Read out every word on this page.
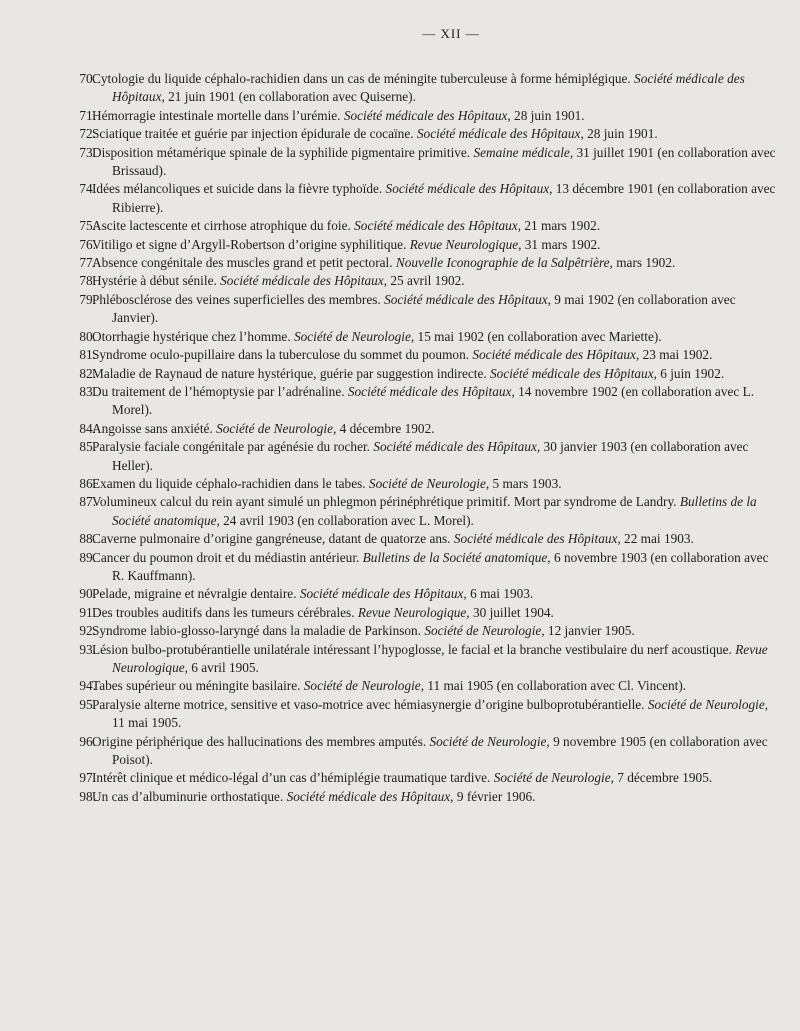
— XII —
70.
Cytologie du liquide céphalo-rachidien dans un cas de méningite tuberculeuse à forme hémiplégique. Société médicale des Hôpitaux, 21 juin 1901 (en collaboration avec Quiserne).
71.
Hémorragie intestinale mortelle dans l’urémie. Société médicale des Hôpitaux, 28 juin 1901.
72.
Sciatique traitée et guérie par injection épidurale de cocaïne. Société médicale des Hôpitaux, 28 juin 1901.
73.
Disposition métamérique spinale de la syphilide pigmentaire primitive. Semaine médicale, 31 juillet 1901 (en collaboration avec Brissaud).
74.
Idées mélancoliques et suicide dans la fièvre typhoïde. Société médicale des Hôpitaux, 13 décembre 1901 (en collaboration avec Ribierre).
75.
Ascite lactescente et cirrhose atrophique du foie. Société médicale des Hôpitaux, 21 mars 1902.
76.
Vitiligo et signe d’Argyll-Robertson d’origine syphilitique. Revue Neurologique, 31 mars 1902.
77.
Absence congénitale des muscles grand et petit pectoral. Nouvelle Iconographie de la Salpêtrière, mars 1902.
78.
Hystérie à début sénile. Société médicale des Hôpitaux, 25 avril 1902.
79.
Phlébosclérose des veines superficielles des membres. Société médicale des Hôpitaux, 9 mai 1902 (en collaboration avec Janvier).
80.
Otorrhagie hystérique chez l’homme. Société de Neurologie, 15 mai 1902 (en collaboration avec Mariette).
81.
Syndrome oculo-pupillaire dans la tuberculose du sommet du poumon. Société médicale des Hôpitaux, 23 mai 1902.
82.
Maladie de Raynaud de nature hystérique, guérie par suggestion indirecte. Société médicale des Hôpitaux, 6 juin 1902.
83.
Du traitement de l’hémoptysie par l’adrénaline. Société médicale des Hôpitaux, 14 novembre 1902 (en collaboration avec L. Morel).
84.
Angoisse sans anxiété. Société de Neurologie, 4 décembre 1902.
85.
Paralysie faciale congénitale par agénésie du rocher. Société médicale des Hôpitaux, 30 janvier 1903 (en collaboration avec Heller).
86.
Examen du liquide céphalo-rachidien dans le tabes. Société de Neurologie, 5 mars 1903.
87.
Volumineux calcul du rein ayant simulé un phlegmon périnéphrétique primitif. Mort par syndrome de Landry. Bulletins de la Société anatomique, 24 avril 1903 (en collaboration avec L. Morel).
88.
Caverne pulmonaire d’origine gangréneuse, datant de quatorze ans. Société médicale des Hôpitaux, 22 mai 1903.
89.
Cancer du poumon droit et du médiastin antérieur. Bulletins de la Société anatomique, 6 novembre 1903 (en collaboration avec R. Kauffmann).
90.
Pelade, migraine et névralgie dentaire. Société médicale des Hôpitaux, 6 mai 1903.
91.
Des troubles auditifs dans les tumeurs cérébrales. Revue Neurologique, 30 juillet 1904.
92.
Syndrome labio-glosso-laryngé dans la maladie de Parkinson. Société de Neurologie, 12 janvier 1905.
93.
Lésion bulbo-protubérantielle unilatérale intéressant l’hypoglosse, le facial et la branche vestibulaire du nerf acoustique. Revue Neurologique, 6 avril 1905.
94.
Tabes supérieur ou méningite basilaire. Société de Neurologie, 11 mai 1905 (en collaboration avec Cl. Vincent).
95.
Paralysie alterne motrice, sensitive et vaso-motrice avec hémiasynergie d’origine bulboprotubérantielle. Société de Neurologie, 11 mai 1905.
96.
Origine périphérique des hallucinations des membres amputés. Société de Neurologie, 9 novembre 1905 (en collaboration avec Poisot).
97.
Intérêt clinique et médico-légal d’un cas d’hémiplégie traumatique tardive. Société de Neurologie, 7 décembre 1905.
98.
Un cas d’albuminurie orthostatique. Société médicale des Hôpitaux, 9 février 1906.
